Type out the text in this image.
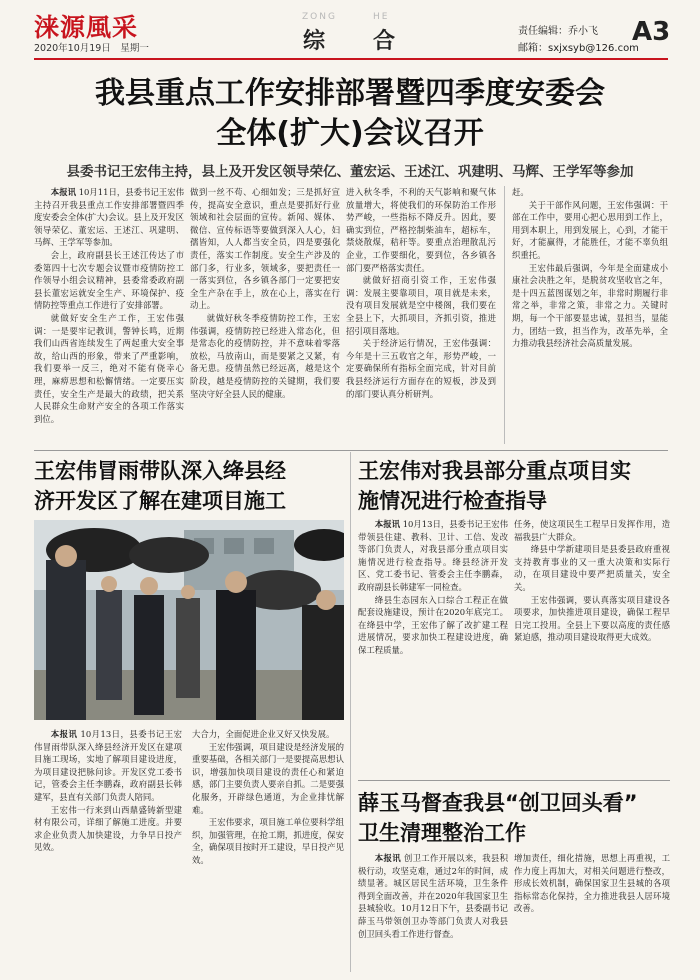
涞源風采
2020年10月19日　星期一
ZONG	HE
综 合	责任编辑：乔小飞
邮箱：sxjxsyb@126.com
A3
我县重点工作安排部署暨四季度安委会
全体(扩大)会议召开
县委书记王宏伟主持，县上及开发区领导荣亿、董宏运、王述江、巩建明、马辉、王学军等参加

本报讯 10月11日，县委书记王宏伟主持召开我县重点工作安排部署暨四季度安委会全体(扩大)会议。县上及开发区领导荣亿、董宏运、王述江、巩建明、马辉、王学军等参加。

会上，政府副县长王述江传达了市委第四十七次专题会议暨市疫情防控工作领导小组会议精神，县委常委政府副县长董宏运就安全生产、环境保护、疫情防控等重点工作进行了安排部署。

就做好安全生产工作，王宏伟强调：一是要牢记教训，警钟长鸣，近期我们山西省连续发生了两起重大安全事故，给山西的形象，带来了严重影响，我们要举一反三，绝对不能有侥幸心理，麻痹思想和松懈情绪。一定要压实责任，安全生产是最大的政绩，把关系人民群众生命财产安全的各项工作落实到位。

做到一丝不苟、心细如发；三是抓好宣传，提高安全意识，重点是要抓好行业领域和社会层面的宣传。新闻、媒体、微信、宣传标语等要做到深入人心，妇孺皆知，人人都当安全员，四是要强化责任，落实工作制度。安全生产涉及的部门多，行业多，领域多，要把责任一一落实到位，各乡镇各部门一定要把安全生产杂在手上，放在心上，落实在行动上。

就做好秋冬季疫情防控工作，王宏伟强调，疫情防控已经进入常态化，但是常态化的疫情防控，并不意味着零落放松，马放南山，而是要紧之又紧，有备无患。疫情虽然已经远离，越是这个阶段，越是疫情防控的关键期，我们要坚决守好全县人民的健康。

进入秋冬季，不利的天气影响和聚气体放量增大，将使我们的环保防治工作形势严峻，一些指标不降反升。因此，要确实到位，严格控制柴油车，超标车，禁烧散煤，秸秆等。要重点治理散乱污企业，工作要细化，要到位，各乡镇各部门要严格落实责任。

就做好招商引资工作，王宏伟强调：发展主要靠项目，项目就是未来，没有项目发展就是空中楼阁，我们要在全县上下，大抓项目，齐抓引资，推进招引项目落地。

关于经济运行情况，王宏伟强调：今年是十三五收官之年，形势严峻，一定要确保所有指标全面完成，针对目前我县经济运行方面存在的短板，涉及到的部门要认真分析研判。

赶。

关于干部作风问题，王宏伟强调：干部在工作中，要用心把心思用到工作上，用到本职上，用到发展上，心到，才能干好，才能赢得，才能胜任，才能不辜负组织重托。

王宏伟最后强调，今年是全面建成小康社会决胜之年，是脱贫攻坚收官之年，是十四五蓝图谋划之年，非常时期履行非常之举，非常之策，非常之力。关键时期，每一个干部要显忠诚，显担当，显能力，团结一致，担当作为，改革先举，全力推动我县经济社会高质量发展。

王宏伟冒雨带队深入绛县经
济开发区了解在建项目施工

本报讯 10月13日，县委书记王宏伟冒雨带队深入绛县经济开发区在建项目施工现场，实地了解项目建设进度，为项目建设把脉问诊。开发区党工委书记，管委会主任李鹏森，政府副县长韩建军，县直有关部门负责人陪同。

王宏伟一行来到山西鼎盛铸新型建材有限公司，详细了解施工进度。并要求企业负责人加快建设，力争早日投产见效。

大合力，全面促进企业又好又快发展。

王宏伟强调，项目建设是经济发展的重要基础，各相关部门一是要提高思想认识，增强加快项目建设的责任心和紧迫感，部门主要负责人要亲自抓。二是要强化服务，开辟绿色通道，为企业排忧解难。

王宏伟要求，项目施工单位要科学组织，加强管理，在抢工期，抓进度，保安全，确保项目按时开工建设，早日投产见效。

王宏伟对我县部分重点项目实
施情况进行检查指导

本报讯 10月13日，县委书记王宏伟带领县住建、教科、卫计、工信、发改等部门负责人，对我县部分重点项目实施情况进行检查指导。绛县经济开发区、党工委书记、管委会主任李鹏森，政府副县长韩建军一同检查。

绛县生态园东入口综合工程正在做配套设施建设，预计在2020年底完工。在绛县中学，王宏伟了解了改扩建工程进展情况，要求加快工程建设进度，确保工程质量。

任务，使这项民生工程早日发挥作用，造福我县广大群众。

绛县中学新建项目是县委县政府重视支持教育事业的又一重大决策和实际行动，在项目建设中要严把质量关，安全关。

王宏伟强调，要认真落实项目建设各项要求，加快推进项目建设，确保工程早日完工投用。全县上下要以高度的责任感紧迫感，推动项目建设取得更大成效。

薛玉马督查我县“创卫回头看”
卫生清理整治工作

本报讯 创卫工作开展以来，我县积极行动，攻坚克难，通过2年的时间，成绩显著。城区居民生活环境，卫生条件得到全面改善，并在2020年我国家卫生县城验收。10月12日下午，县委副书记薛玉马带领创卫办等部门负责人对我县创卫回头看工作进行督查。

增加责任，细化措施，思想上再重视，工作力度上再加大，对相关问题进行整改，形成长效机制，确保国家卫生县城的各项指标常态化保持，全力推进我县人居环境改善。
